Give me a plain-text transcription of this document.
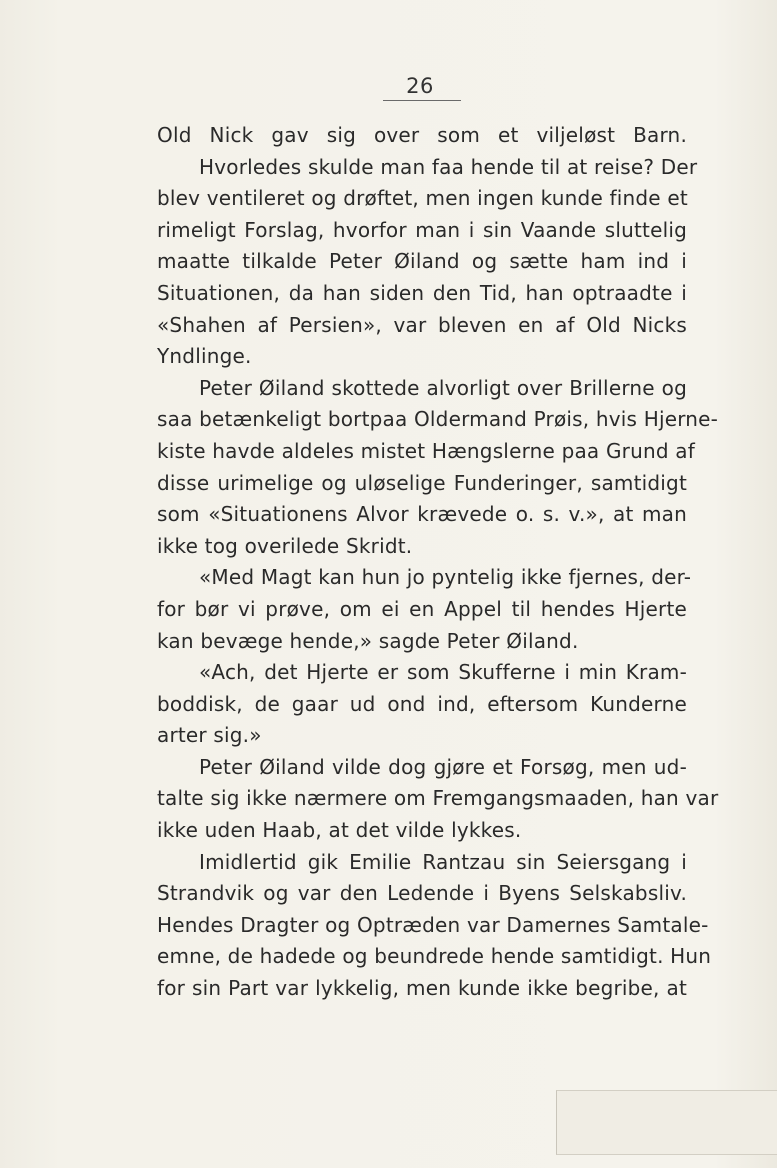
26
Old Nick gav sig over som et viljeløst Barn.
Hvorledes skulde man faa hende til at reise? Der
blev ventileret og drøftet, men ingen kunde finde et
rimeligt Forslag, hvorfor man i sin Vaande sluttelig
maatte tilkalde Peter Øiland og sætte ham ind i
Situationen, da han siden den Tid, han optraadte i
«Shahen af Persien», var bleven en af Old Nicks
Yndlinge.
Peter Øiland skottede alvorligt over Brillerne og
saa betænkeligt bortpaa Oldermand Prøis, hvis Hjerne-
kiste havde aldeles mistet Hængslerne paa Grund af
disse urimelige og uløselige Funderinger, samtidigt
som «Situationens Alvor krævede o. s. v.», at man
ikke tog overilede Skridt.
«Med Magt kan hun jo pyntelig ikke fjernes, der-
for bør vi prøve, om ei en Appel til hendes Hjerte
kan bevæge hende,» sagde Peter Øiland.
«Ach, det Hjerte er som Skufferne i min Kram-
boddisk, de gaar ud ond ind, eftersom Kunderne
arter sig.»
Peter Øiland vilde dog gjøre et Forsøg, men ud-
talte sig ikke nærmere om Fremgangsmaaden, han var
ikke uden Haab, at det vilde lykkes.
Imidlertid gik Emilie Rantzau sin Seiersgang i
Strandvik og var den Ledende i Byens Selskabsliv.
Hendes Dragter og Optræden var Damernes Samtale-
emne, de hadede og beundrede hende samtidigt. Hun
for sin Part var lykkelig, men kunde ikke begribe, at
